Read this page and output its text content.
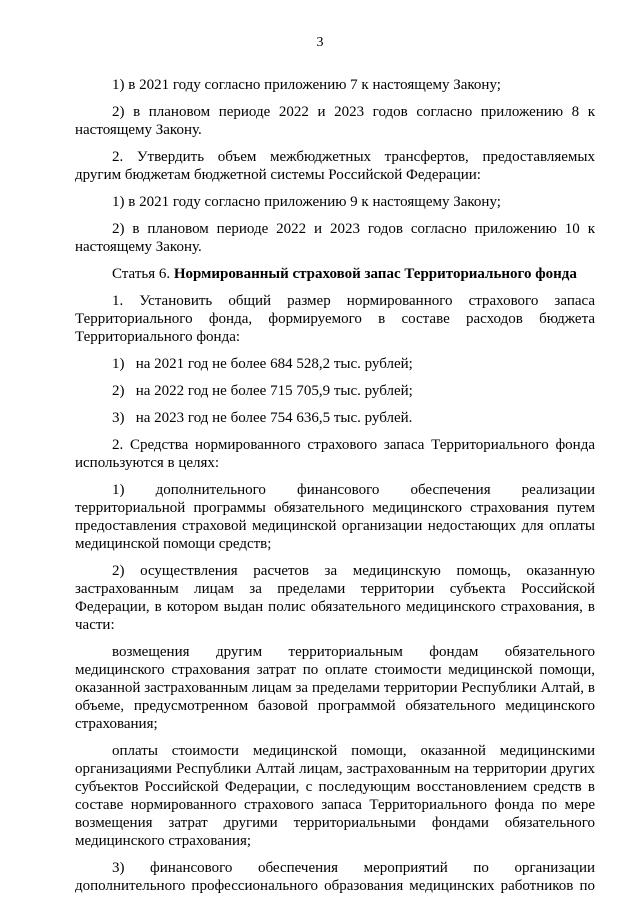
3

1) в 2021 году согласно приложению 7 к настоящему Закону;

2) в плановом периоде 2022 и 2023 годов согласно приложению 8 к настоящему Закону.

2. Утвердить объем межбюджетных трансфертов, предоставляемых другим бюджетам бюджетной системы Российской Федерации:

1) в 2021 году согласно приложению 9 к настоящему Закону;

2) в плановом периоде 2022 и 2023 годов согласно приложению 10 к настоящему Закону.

Статья 6. Нормированный страховой запас Территориального фонда

1. Установить общий размер нормированного страхового запаса Территориального фонда, формируемого в составе расходов бюджета Территориального фонда:

1)   на 2021 год не более 684 528,2 тыс. рублей;

2)   на 2022 год не более 715 705,9 тыс. рублей;

3)   на 2023 год не более 754 636,5 тыс. рублей.

2. Средства нормированного страхового запаса Территориального фонда используются в целях:

1) дополнительного финансового обеспечения реализации территориальной программы обязательного медицинского страхования путем предоставления страховой медицинской организации недостающих для оплаты медицинской помощи средств;

2) осуществления расчетов за медицинскую помощь, оказанную застрахованным лицам за пределами территории субъекта Российской Федерации, в котором выдан полис обязательного медицинского страхования, в части:

возмещения другим территориальным фондам обязательного медицинского страхования затрат по оплате стоимости медицинской помощи, оказанной застрахованным лицам за пределами территории Республики Алтай, в объеме, предусмотренном базовой программой обязательного медицинского страхования;

оплаты стоимости медицинской помощи, оказанной медицинскими организациями Республики Алтай лицам, застрахованным на территории других субъектов Российской Федерации, с последующим восстановлением средств в составе нормированного страхового запаса Территориального фонда по мере возмещения затрат другими территориальными фондами обязательного медицинского страхования;

3) финансового обеспечения мероприятий по организации дополнительного профессионального образования медицинских работников по
